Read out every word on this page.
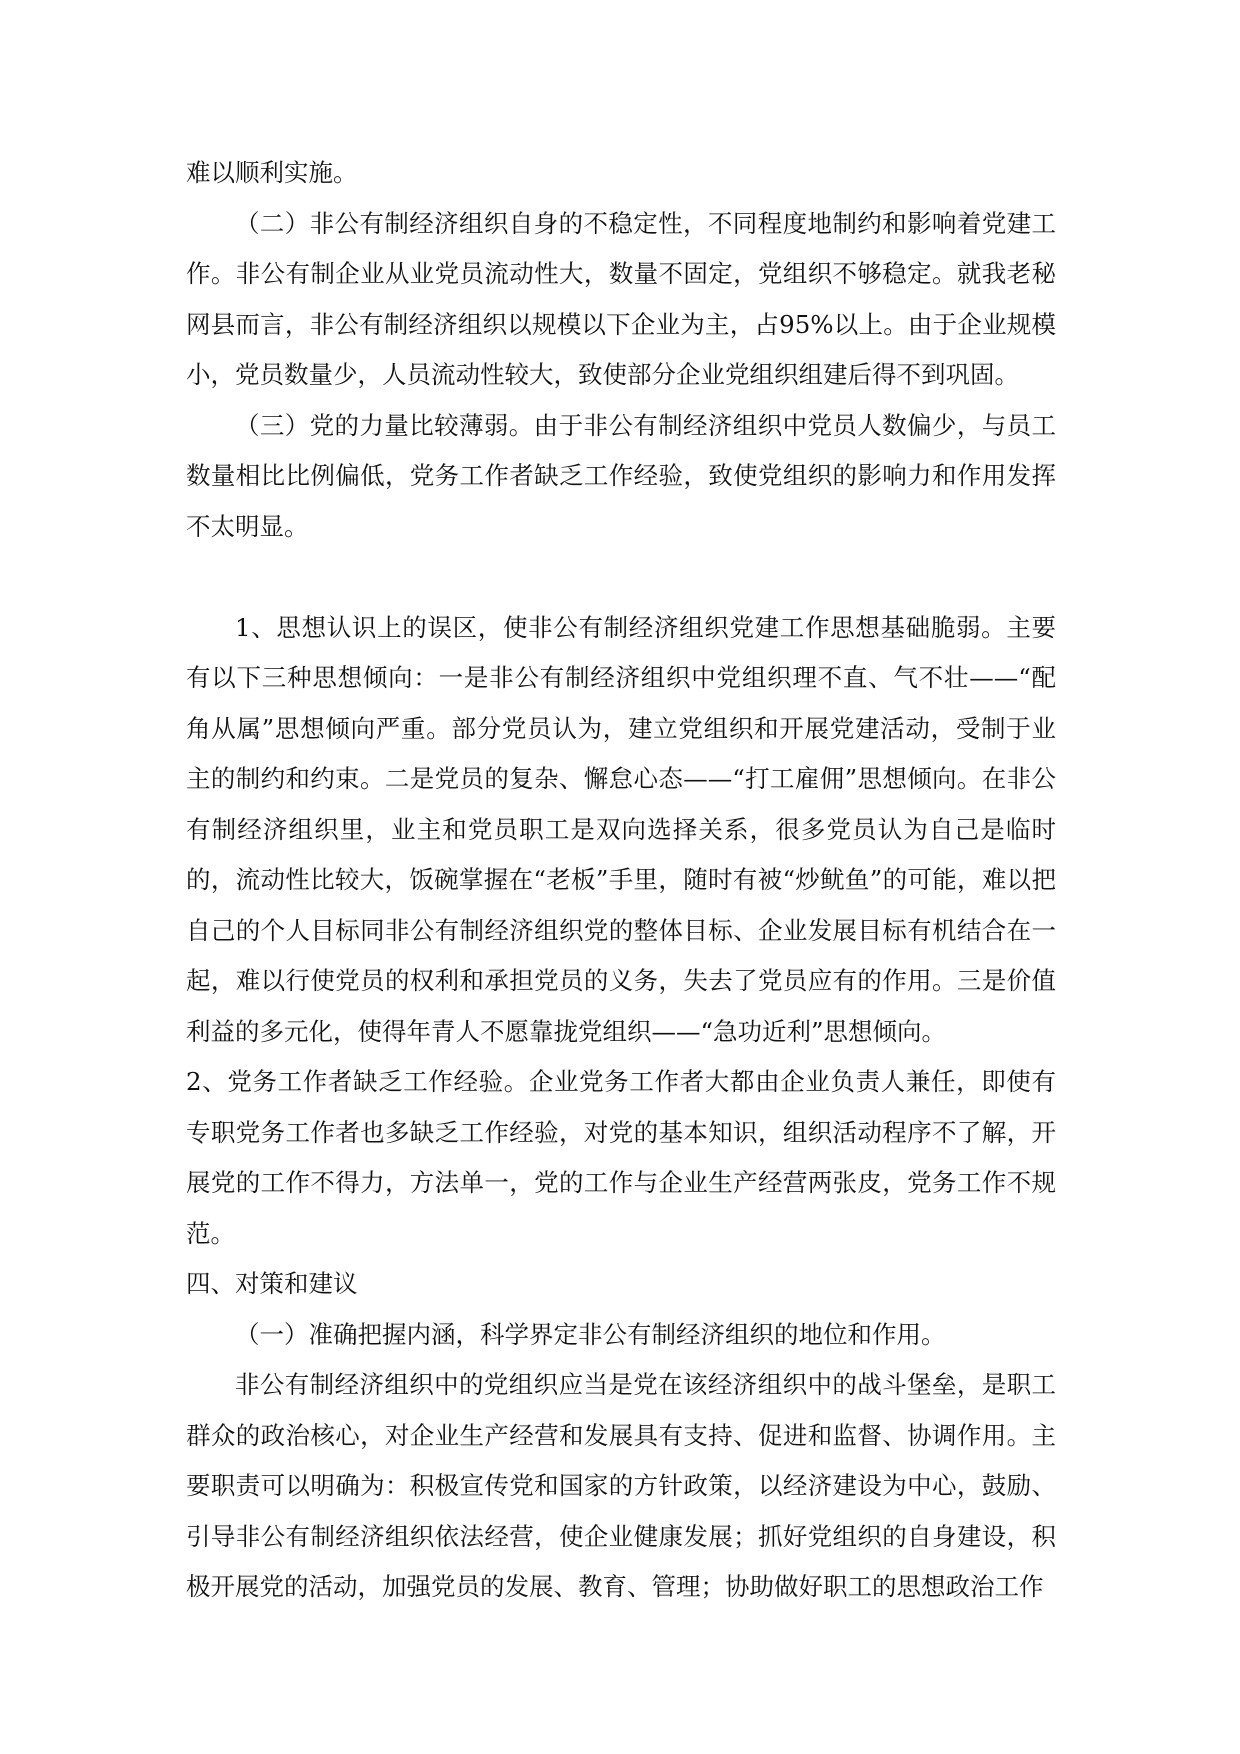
难以顺利实施。

（二）非公有制经济组织自身的不稳定性，不同程度地制约和影响着党建工作。非公有制企业从业党员流动性大，数量不固定，党组织不够稳定。就我老秘网县而言，非公有制经济组织以规模以下企业为主，占95%以上。由于企业规模小，党员数量少，人员流动性较大，致使部分企业党组织组建后得不到巩固。

（三）党的力量比较薄弱。由于非公有制经济组织中党员人数偏少，与员工数量相比比例偏低，党务工作者缺乏工作经验，致使党组织的影响力和作用发挥不太明显。

1、思想认识上的误区，使非公有制经济组织党建工作思想基础脆弱。主要有以下三种思想倾向：一是非公有制经济组织中党组织理不直、气不壮——“配角从属”思想倾向严重。部分党员认为，建立党组织和开展党建活动，受制于业主的制约和约束。二是党员的复杂、懈怠心态——“打工雇佣”思想倾向。在非公有制经济组织里，业主和党员职工是双向选择关系，很多党员认为自己是临时的，流动性比较大，饭碗掌握在“老板”手里，随时有被“炒鱿鱼”的可能，难以把自己的个人目标同非公有制经济组织党的整体目标、企业发展目标有机结合在一起，难以行使党员的权利和承担党员的义务，失去了党员应有的作用。三是价值利益的多元化，使得年青人不愿靠拢党组织——“急功近利”思想倾向。

2、党务工作者缺乏工作经验。企业党务工作者大都由企业负责人兼任，即使有专职党务工作者也多缺乏工作经验，对党的基本知识，组织活动程序不了解，开展党的工作不得力，方法单一，党的工作与企业生产经营两张皮，党务工作不规范。

四、对策和建议

（一）准确把握内涵，科学界定非公有制经济组织的地位和作用。

非公有制经济组织中的党组织应当是党在该经济组织中的战斗堡垒，是职工群众的政治核心，对企业生产经营和发展具有支持、促进和监督、协调作用。主要职责可以明确为：积极宣传党和国家的方针政策，以经济建设为中心，鼓励、引导非公有制经济组织依法经营，使企业健康发展；抓好党组织的自身建设，积极开展党的活动，加强党员的发展、教育、管理；协助做好职工的思想政治工作
